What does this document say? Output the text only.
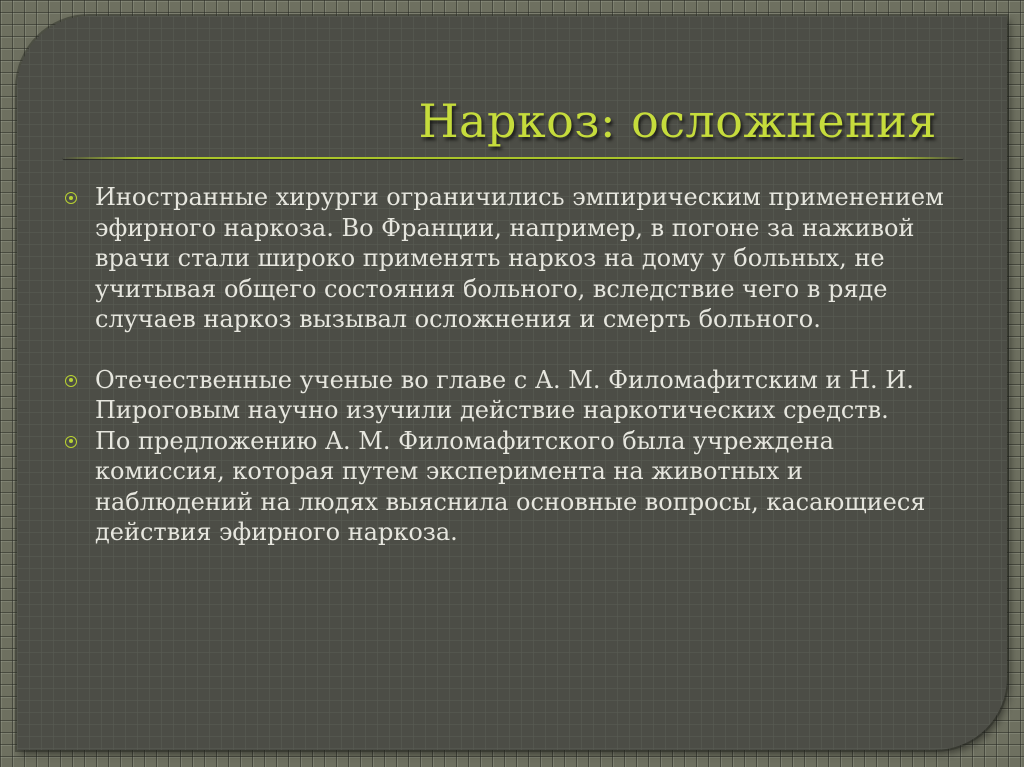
Наркоз: осложнения
Иностранные хирурги ограничились эмпирическим применением эфирного наркоза. Во Франции, например, в погоне за наживой врачи стали широко применять наркоз на дому у больных, не учитывая общего состояния больного, вследствие чего в ряде случаев наркоз вызывал осложнения и смерть больного.
Отечественные ученые во главе с А. М. Филомафитским и Н. И. Пироговым научно изучили действие наркотических средств.
По предложению А. М. Филомафитского была учреждена комиссия, которая путем эксперимента на животных и наблюдений на людях выяснила основные вопросы, касающиеся действия эфирного наркоза.
